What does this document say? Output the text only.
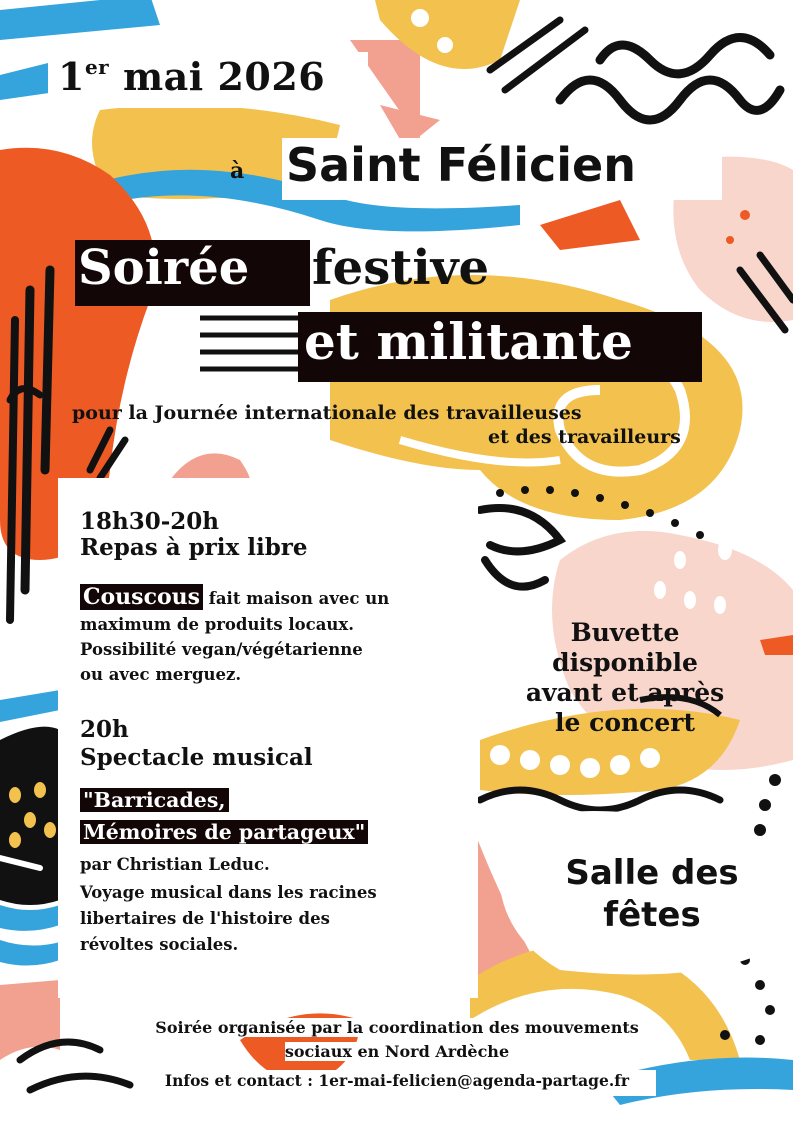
1er mai 2026
à Saint Félicien
Soirée festive
et militante
pour la Journée internationale des travailleuses
et des travailleurs
18h30-20h
Repas à prix libre
Couscous fait maison avec un
maximum de produits locaux.
Possibilité vegan/végétarienne
ou avec merguez.
20h
Spectacle musical
"Barricades,
Mémoires de partageux"
par Christian Leduc.
Voyage musical dans les racines
libertaires de l'histoire des
révoltes sociales.
Buvette
disponible
avant et après
le concert
Salle des
fêtes
Soirée organisée par la coordination des mouvements
sociaux en Nord Ardèche
Infos et contact : 1er-mai-felicien@agenda-partage.fr
